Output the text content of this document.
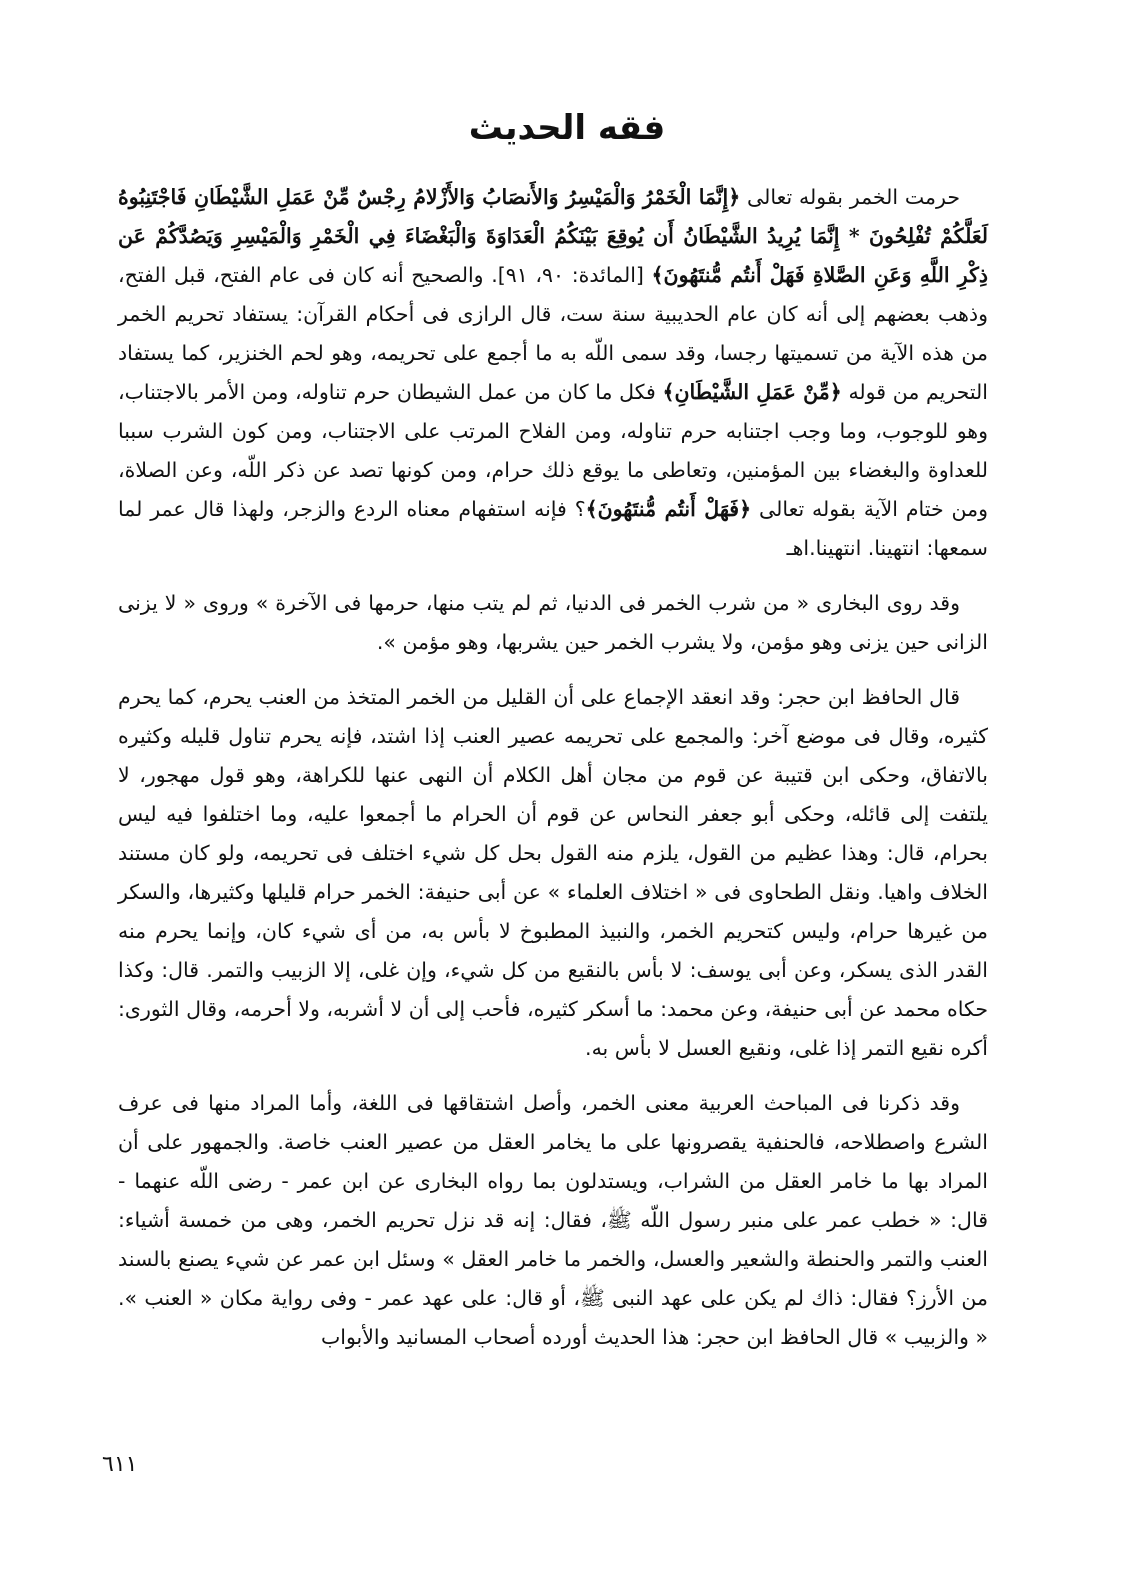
فقه الحديث

حرمت الخمر بقوله تعالى ﴿إِنَّمَا الْخَمْرُ وَالْمَيْسِرُ وَالأَنصَابُ وَالأَزْلامُ رِجْسٌ مِّنْ عَمَلِ الشَّيْطَانِ فَاجْتَنِبُوهُ لَعَلَّكُمْ تُفْلِحُونَ * إِنَّمَا يُرِيدُ الشَّيْطَانُ أَن يُوقِعَ بَيْنَكُمُ الْعَدَاوَةَ وَالْبَغْضَاءَ فِي الْخَمْرِ وَالْمَيْسِرِ وَيَصُدَّكُمْ عَن ذِكْرِ اللَّهِ وَعَنِ الصَّلاةِ فَهَلْ أَنتُم مُّنتَهُونَ﴾ [المائدة: ٩٠، ٩١]. والصحيح أنه كان فى عام الفتح، قبل الفتح، وذهب بعضهم إلى أنه كان عام الحديبية سنة ست، قال الرازى فى أحكام القرآن: يستفاد تحريم الخمر من هذه الآية من تسميتها رجسا، وقد سمى اللّه به ما أجمع على تحريمه، وهو لحم الخنزير، كما يستفاد التحريم من قوله ﴿مِّنْ عَمَلِ الشَّيْطَانِ﴾ فكل ما كان من عمل الشيطان حرم تناوله، ومن الأمر بالاجتناب، وهو للوجوب، وما وجب اجتنابه حرم تناوله، ومن الفلاح المرتب على الاجتناب، ومن كون الشرب سببا للعداوة والبغضاء بين المؤمنين، وتعاطى ما يوقع ذلك حرام، ومن كونها تصد عن ذكر اللّه، وعن الصلاة، ومن ختام الآية بقوله تعالى ﴿فَهَلْ أَنتُم مُّنتَهُونَ﴾؟ فإنه استفهام معناه الردع والزجر، ولهذا قال عمر لما سمعها: انتهينا. انتهينا.اهـ

وقد روى البخارى « من شرب الخمر فى الدنيا، ثم لم يتب منها، حرمها فى الآخرة » وروى « لا يزنى الزانى حين يزنى وهو مؤمن، ولا يشرب الخمر حين يشربها، وهو مؤمن ».

قال الحافظ ابن حجر: وقد انعقد الإجماع على أن القليل من الخمر المتخذ من العنب يحرم، كما يحرم كثيره، وقال فى موضع آخر: والمجمع على تحريمه عصير العنب إذا اشتد، فإنه يحرم تناول قليله وكثيره بالاتفاق، وحكى ابن قتيبة عن قوم من مجان أهل الكلام أن النهى عنها للكراهة، وهو قول مهجور، لا يلتفت إلى قائله، وحكى أبو جعفر النحاس عن قوم أن الحرام ما أجمعوا عليه، وما اختلفوا فيه ليس بحرام، قال: وهذا عظيم من القول، يلزم منه القول بحل كل شيء اختلف فى تحريمه، ولو كان مستند الخلاف واهيا. ونقل الطحاوى فى « اختلاف العلماء » عن أبى حنيفة: الخمر حرام قليلها وكثيرها، والسكر من غيرها حرام، وليس كتحريم الخمر، والنبيذ المطبوخ لا بأس به، من أى شيء كان، وإنما يحرم منه القدر الذى يسكر، وعن أبى يوسف: لا بأس بالنقيع من كل شيء، وإن غلى، إلا الزبيب والتمر. قال: وكذا حكاه محمد عن أبى حنيفة، وعن محمد: ما أسكر كثيره، فأحب إلى أن لا أشربه، ولا أحرمه، وقال الثورى: أكره نقيع التمر إذا غلى، ونقيع العسل لا بأس به.

وقد ذكرنا فى المباحث العربية معنى الخمر، وأصل اشتقاقها فى اللغة، وأما المراد منها فى عرف الشرع واصطلاحه، فالحنفية يقصرونها على ما يخامر العقل من عصير العنب خاصة. والجمهور على أن المراد بها ما خامر العقل من الشراب، ويستدلون بما رواه البخارى عن ابن عمر - رضى اللّه عنهما - قال: « خطب عمر على منبر رسول اللّه ﷺ، فقال: إنه قد نزل تحريم الخمر، وهى من خمسة أشياء: العنب والتمر والحنطة والشعير والعسل، والخمر ما خامر العقل » وسئل ابن عمر عن شيء يصنع بالسند من الأرز؟ فقال: ذاك لم يكن على عهد النبى ﷺ، أو قال: على عهد عمر - وفى رواية مكان « العنب ». « والزبيب » قال الحافظ ابن حجر: هذا الحديث أورده أصحاب المسانيد والأبواب

٦١١
